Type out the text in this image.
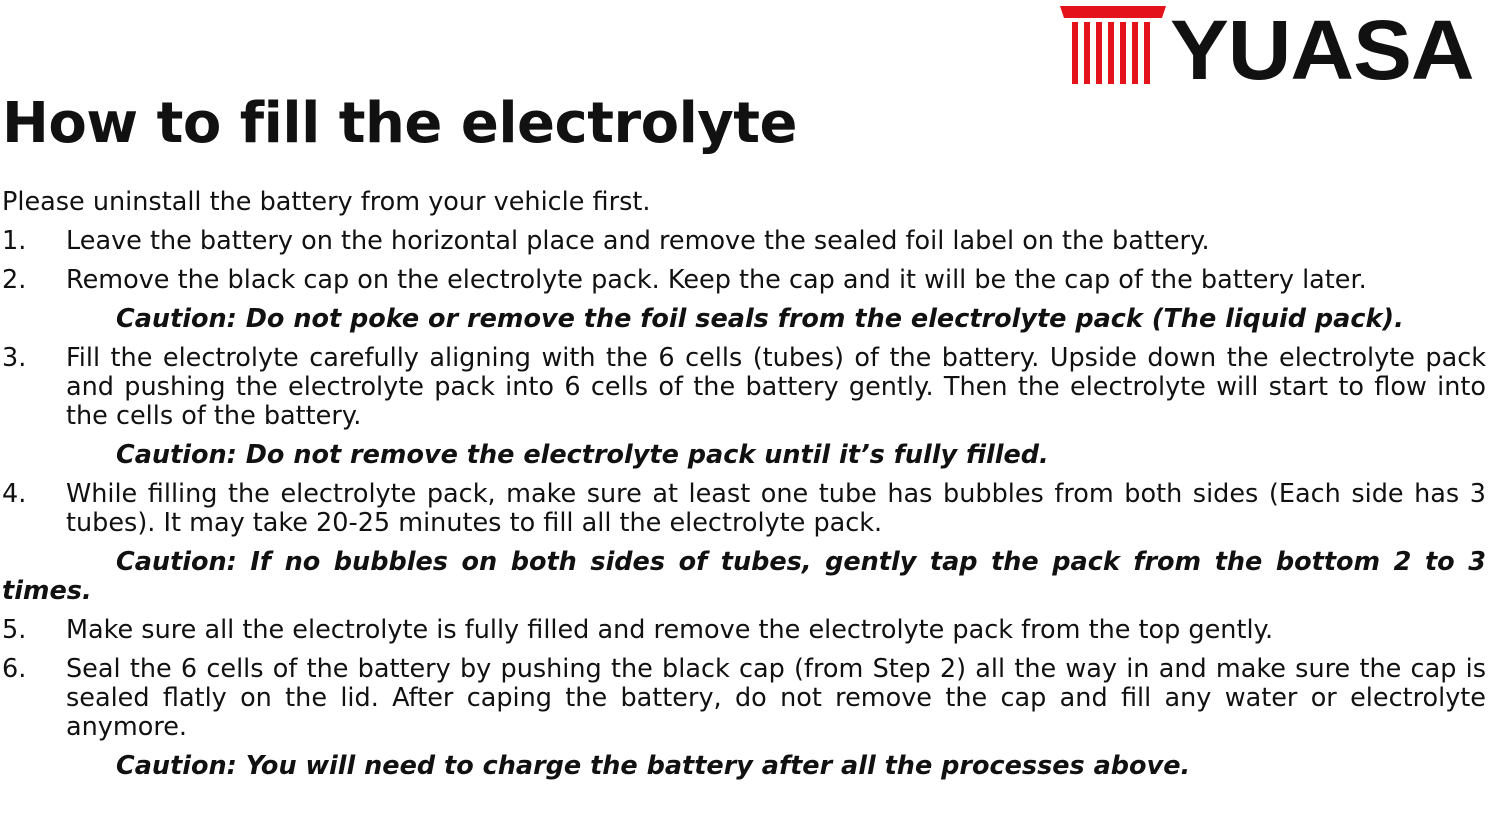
YUASA
How to fill the electrolyte

Please uninstall the battery from your vehicle first.

1. Leave the battery on the horizontal place and remove the sealed foil label on the battery.
2. Remove the black cap on the electrolyte pack. Keep the cap and it will be the cap of the battery later.

Caution: Do not poke or remove the foil seals from the electrolyte pack (The liquid pack).

3. Fill the electrolyte carefully aligning with the 6 cells (tubes) of the battery. Upside down the electrolyte pack and pushing the electrolyte pack into 6 cells of the battery gently. Then the electrolyte will start to flow into the cells of the battery.

Caution: Do not remove the electrolyte pack until it’s fully filled.

4. While filling the electrolyte pack, make sure at least one tube has bubbles from both sides (Each side has 3 tubes). It may take 20-25 minutes to fill all the electrolyte pack.

Caution: If no bubbles on both sides of tubes, gently tap the pack from the bottom 2 to 3 times.

5. Make sure all the electrolyte is fully filled and remove the electrolyte pack from the top gently.
6. Seal the 6 cells of the battery by pushing the black cap (from Step 2) all the way in and make sure the cap is sealed flatly on the lid. After caping the battery, do not remove the cap and fill any water or electrolyte anymore.

Caution: You will need to charge the battery after all the processes above.
